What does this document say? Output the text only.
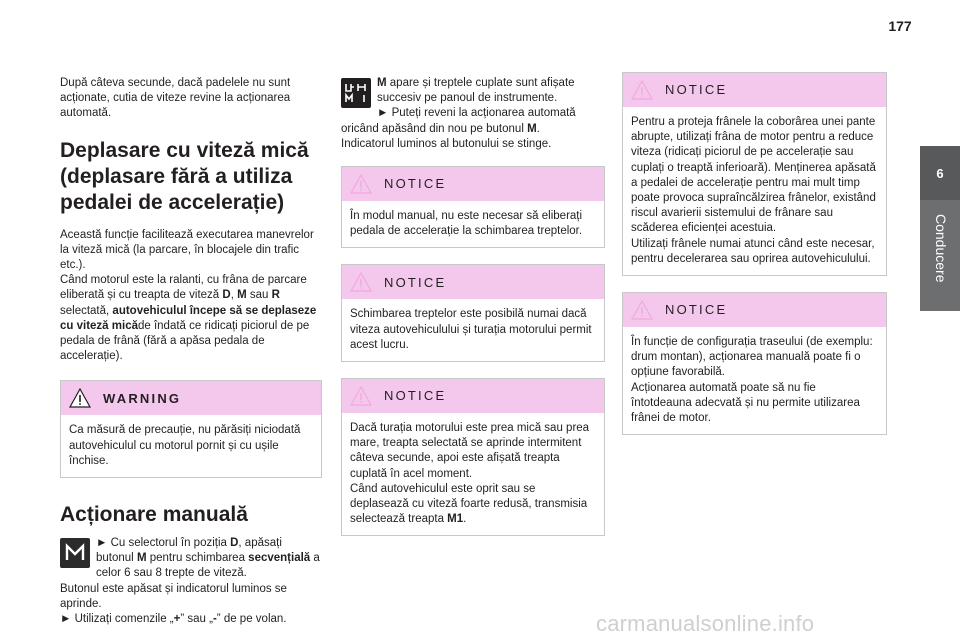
177
6
Conducere

După câteva secunde, dacă padelele nu sunt acționate, cutia de viteze revine la acționarea automată.

Deplasare cu viteză mică (deplasare fără a utiliza pedalei de accelerație)

Această funcție facilitează executarea manevrelor la viteză mică (la parcare, în blocajele din trafic etc.).

Când motorul este la ralanti, cu frâna de parcare eliberată și cu treapta de viteză D, M sau R selectată, autovehiculul începe să se deplaseze cu viteză micăde îndată ce ridicați piciorul de pe pedala de frână (fără a apăsa pedala de accelerație).

WARNING
Ca măsură de precauție, nu părăsiți niciodată autovehiculul cu motorul pornit și cu ușile închise.
Acționare manuală
► Cu selectorul în poziția D, apăsați butonul M pentru schimbarea secvențială a celor 6 sau 8 trepte de viteză.

Butonul este apăsat și indicatorul luminos se aprinde.

► Utilizați comenzile „+” sau „-” de pe volan.

M apare și treptele cuplate sunt afișate succesiv pe panoul de instrumente.

► Puteți reveni la acționarea automată oricând apăsând din nou pe butonul M.

Indicatorul luminos al butonului se stinge.

NOTICE
În modul manual, nu este necesar să eliberați pedala de accelerație la schimbarea treptelor.
NOTICE
Schimbarea treptelor este posibilă numai dacă viteza autovehiculului și turația motorului permit acest lucru.
NOTICE

Dacă turația motorului este prea mică sau prea mare, treapta selectată se aprinde intermitent câteva secunde, apoi este afișată treapta cuplată în acel moment.

Când autovehiculul este oprit sau se deplasează cu viteză foarte redusă, transmisia selectează treapta M1.

NOTICE

Pentru a proteja frânele la coborârea unei pante abrupte, utilizați frâna de motor pentru a reduce viteza (ridicați piciorul de pe accelerație sau cuplați o treaptă inferioară). Menținerea apăsată a pedalei de accelerație pentru mai mult timp poate provoca supraîncălzirea frânelor, existând riscul avarierii sistemului de frânare sau scăderea eficienței acestuia.

Utilizați frânele numai atunci când este necesar, pentru decelerarea sau oprirea autovehiculului.

NOTICE

În funcție de configurația traseului (de exemplu: drum montan), acționarea manuală poate fi o opțiune favorabilă.

Acționarea automată poate să nu fie întotdeauna adecvată și nu permite utilizarea frânei de motor.

carmanualsonline.info
